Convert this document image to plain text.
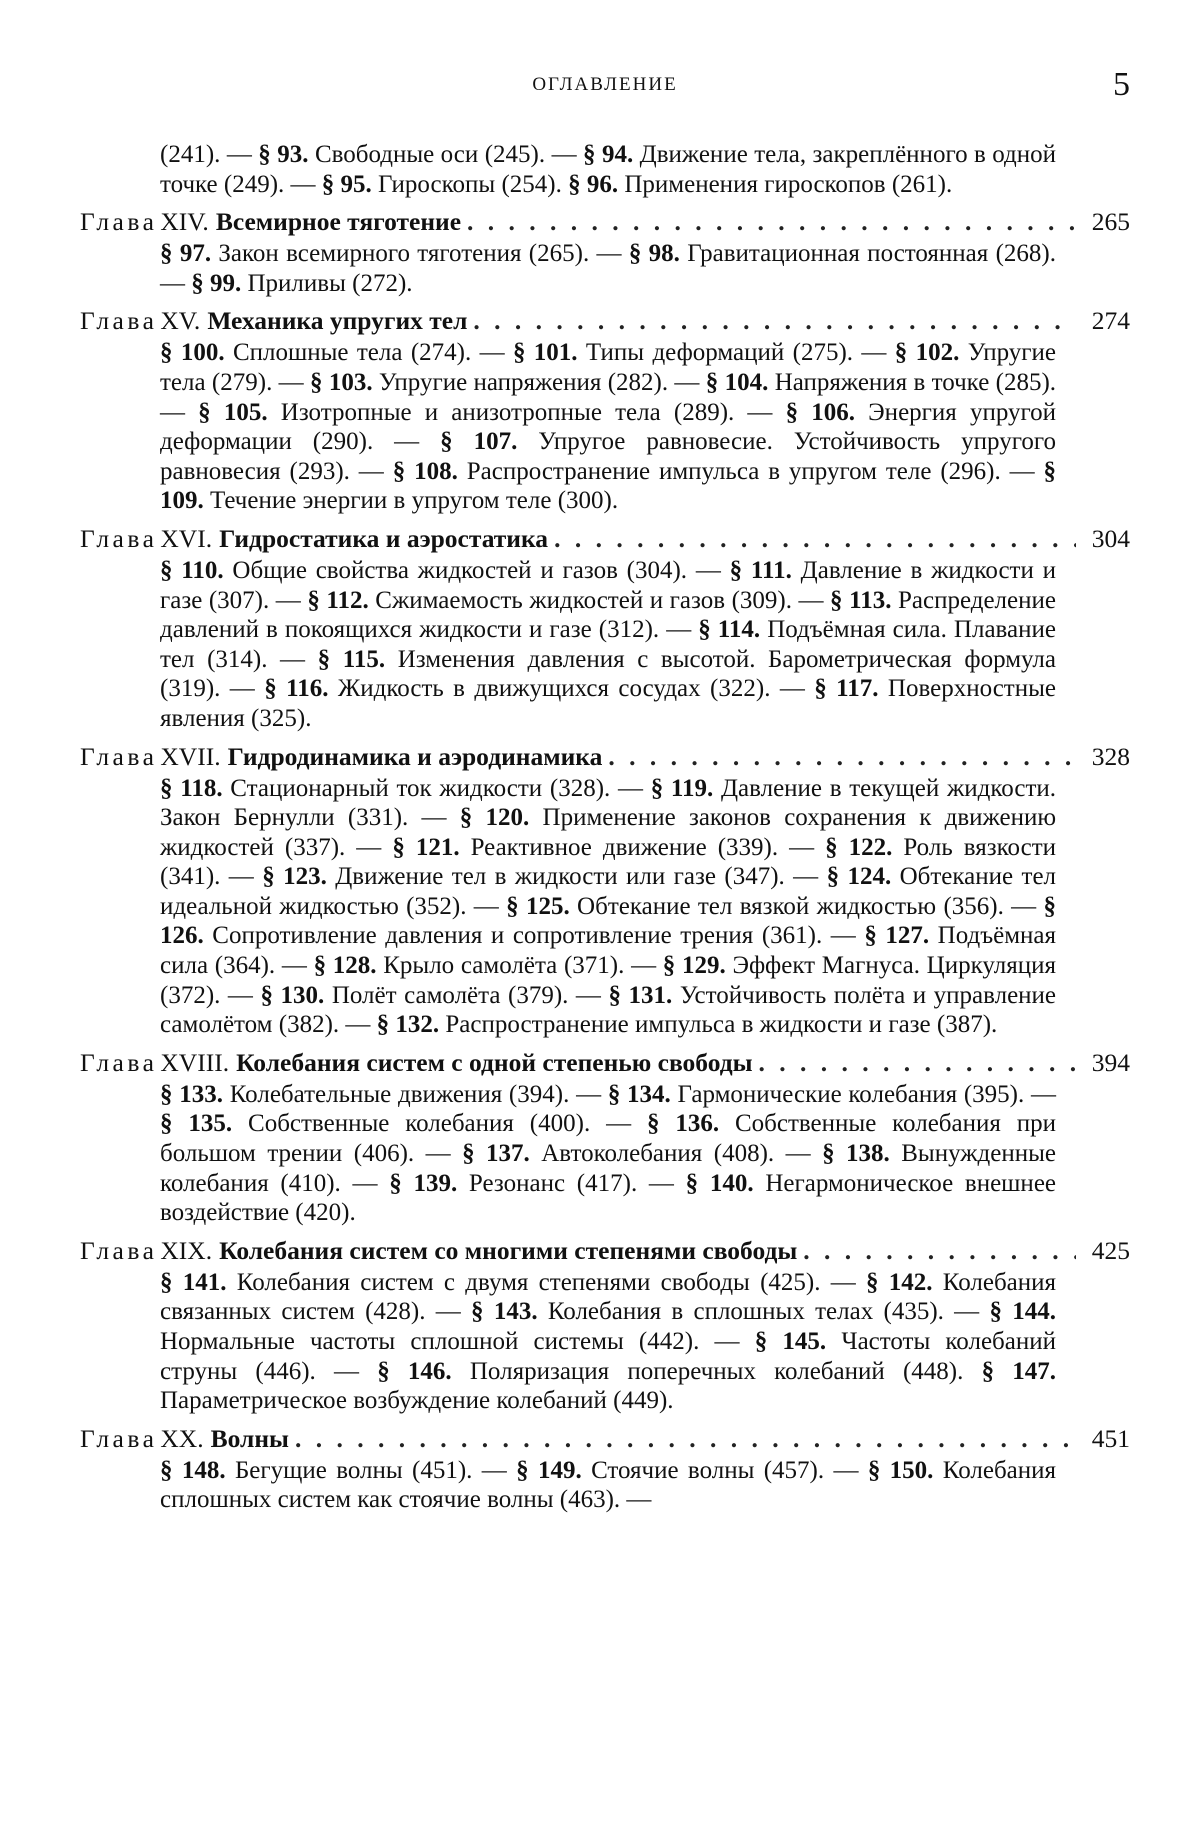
ОГЛАВЛЕНИЕ	5
(241). — § 93. Свободные оси (245). — § 94. Движение тела, закреплённого в одной точке (249). — § 95. Гироскопы (254). § 96. Применения гироскопов (261).
Глава XIV. Всемирное тяготение . . .	265
§ 97. Закон всемирного тяготения (265). — § 98. Гравитационная постоянная (268). — § 99. Приливы (272).
Глава XV. Механика упругих тел . . .	274
§ 100. Сплошные тела (274). — § 101. Типы деформаций (275). — § 102. Упругие тела (279). — § 103. Упругие напряжения (282). — § 104. Напряжения в точке (285). — § 105. Изотропные и анизотропные тела (289). — § 106. Энергия упругой деформации (290). — § 107. Упругое равновесие. Устойчивость упругого равновесия (293). — § 108. Распространение импульса в упругом теле (296). — § 109. Течение энергии в упругом теле (300).
Глава XVI. Гидростатика и аэростатика . . .	304
§ 110. Общие свойства жидкостей и газов (304). — § 111. Давление в жидкости и газе (307). — § 112. Сжимаемость жидкостей и газов (309). — § 113. Распределение давлений в покоящихся жидкости и газе (312). — § 114. Подъёмная сила. Плавание тел (314). — § 115. Изменения давления с высотой. Барометрическая формула (319). — § 116. Жидкость в движущихся сосудах (322). — § 117. Поверхностные явления (325).
Глава XVII. Гидродинамика и аэродинамика . . .	328
§ 118. Стационарный ток жидкости (328). — § 119. Давление в текущей жидкости. Закон Бернулли (331). — § 120. Применение законов сохранения к движению жидкостей (337). — § 121. Реактивное движение (339). — § 122. Роль вязкости (341). — § 123. Движение тел в жидкости или газе (347). — § 124. Обтекание тел идеальной жидкостью (352). — § 125. Обтекание тел вязкой жидкостью (356). — § 126. Сопротивление давления и сопротивление трения (361). — § 127. Подъёмная сила (364). — § 128. Крыло самолёта (371). — § 129. Эффект Магнуса. Циркуляция (372). — § 130. Полёт самолёта (379). — § 131. Устойчивость полёта и управление самолётом (382). — § 132. Распространение импульса в жидкости и газе (387).
Глава XVIII. Колебания систем с одной степенью свободы . . .	394
§ 133. Колебательные движения (394). — § 134. Гармонические колебания (395). — § 135. Собственные колебания (400). — § 136. Собственные колебания при большом трении (406). — § 137. Автоколебания (408). — § 138. Вынужденные колебания (410). — § 139. Резонанс (417). — § 140. Негармоническое внешнее воздействие (420).
Глава XIX. Колебания систем со многими степенями свободы . . .	425
§ 141. Колебания систем с двумя степенями свободы (425). — § 142. Колебания связанных систем (428). — § 143. Колебания в сплошных телах (435). — § 144. Нормальные частоты сплошной системы (442). — § 145. Частоты колебаний струны (446). — § 146. Поляризация поперечных колебаний (448). § 147. Параметрическое возбуждение колебаний (449).
Глава XX. Волны . . .	451
§ 148. Бегущие волны (451). — § 149. Стоячие волны (457). — § 150. Колебания сплошных систем как стоячие волны (463). —
